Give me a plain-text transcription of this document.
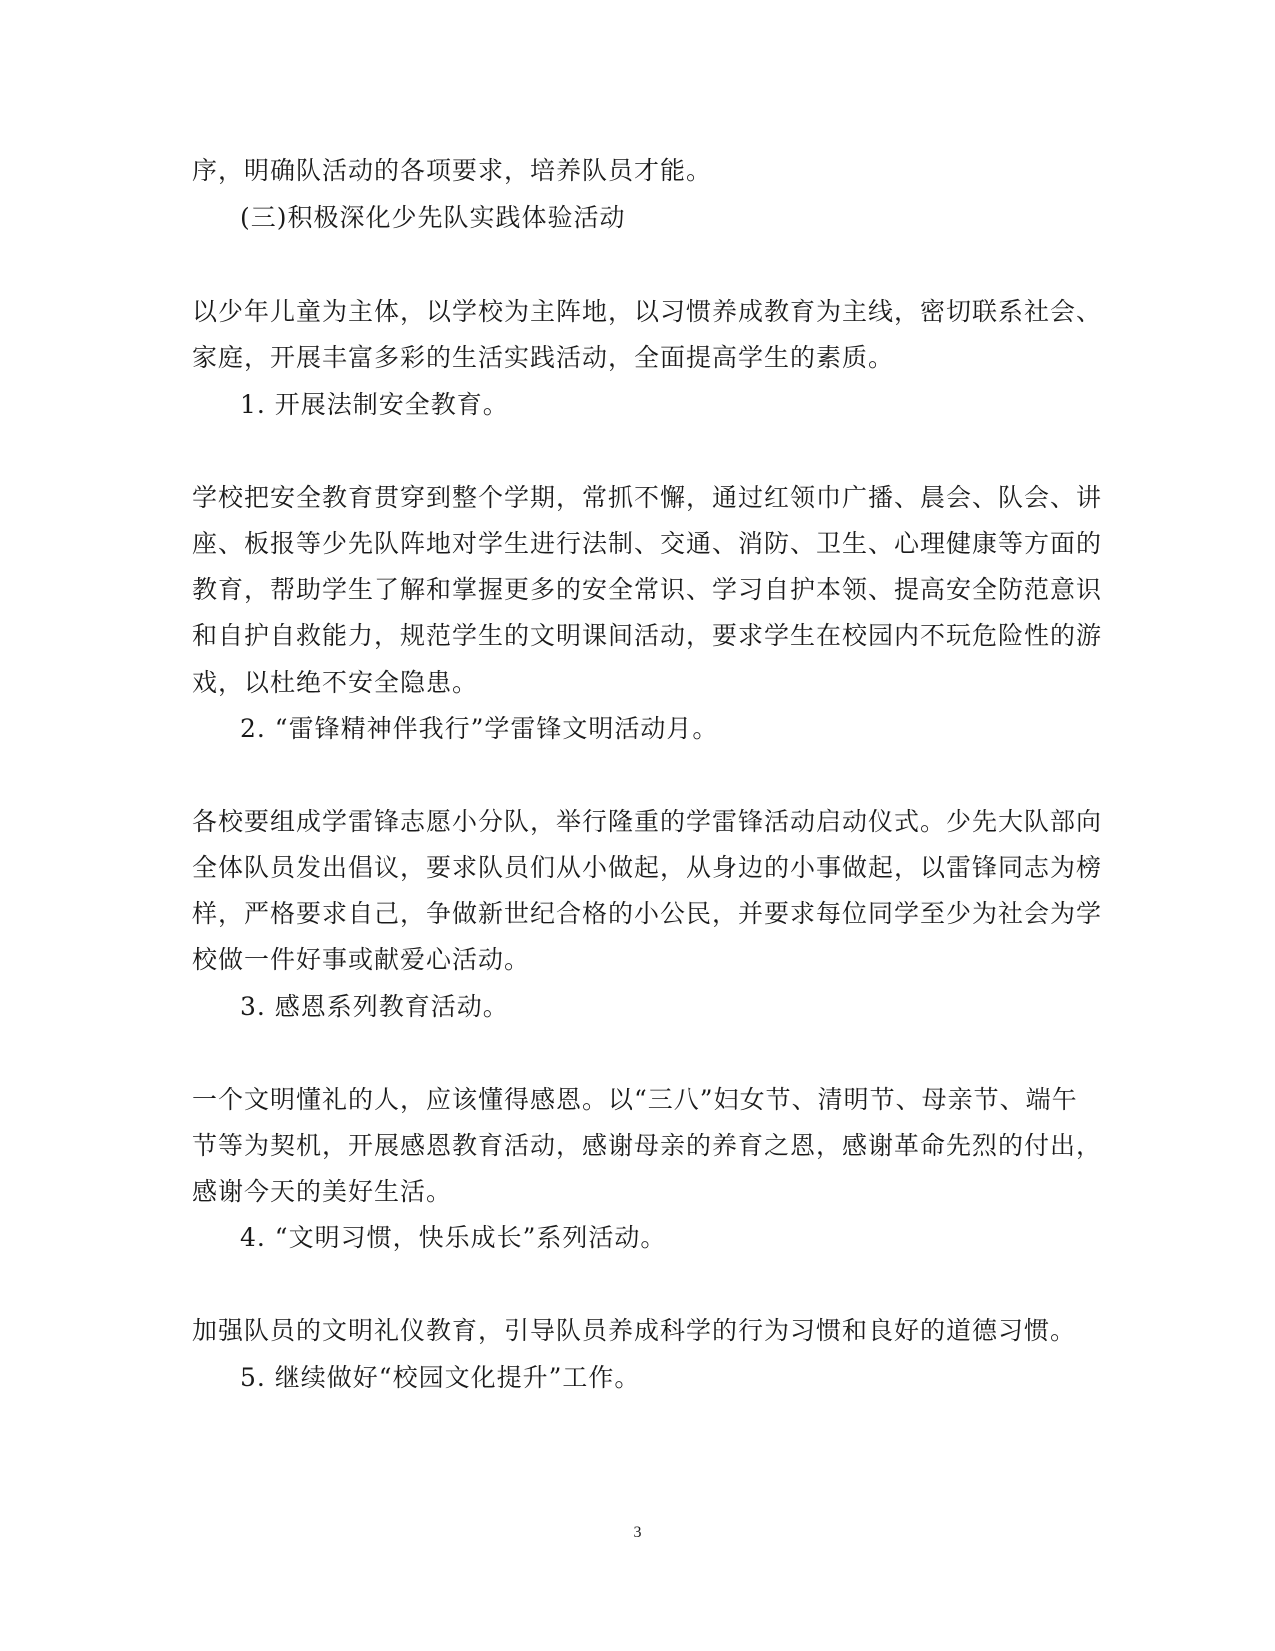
序，明确队活动的各项要求，培养队员才能。
(三)积极深化少先队实践体验活动
以少年儿童为主体，以学校为主阵地，以习惯养成教育为主线，密切联系社会、
家庭，开展丰富多彩的生活实践活动，全面提高学生的素质。
1. 开展法制安全教育。
学校把安全教育贯穿到整个学期，常抓不懈，通过红领巾广播、晨会、队会、讲
座、板报等少先队阵地对学生进行法制、交通、消防、卫生、心理健康等方面的
教育，帮助学生了解和掌握更多的安全常识、学习自护本领、提高安全防范意识
和自护自救能力，规范学生的文明课间活动，要求学生在校园内不玩危险性的游
戏，以杜绝不安全隐患。
2. “雷锋精神伴我行”学雷锋文明活动月。
各校要组成学雷锋志愿小分队，举行隆重的学雷锋活动启动仪式。少先大队部向
全体队员发出倡议，要求队员们从小做起，从身边的小事做起，以雷锋同志为榜
样，严格要求自己，争做新世纪合格的小公民，并要求每位同学至少为社会为学
校做一件好事或献爱心活动。
3. 感恩系列教育活动。
一个文明懂礼的人，应该懂得感恩。以“三八”妇女节、清明节、母亲节、端午
节等为契机，开展感恩教育活动，感谢母亲的养育之恩，感谢革命先烈的付出，
感谢今天的美好生活。
4. “文明习惯，快乐成长”系列活动。
加强队员的文明礼仪教育，引导队员养成科学的行为习惯和良好的道德习惯。
5. 继续做好“校园文化提升”工作。
3
